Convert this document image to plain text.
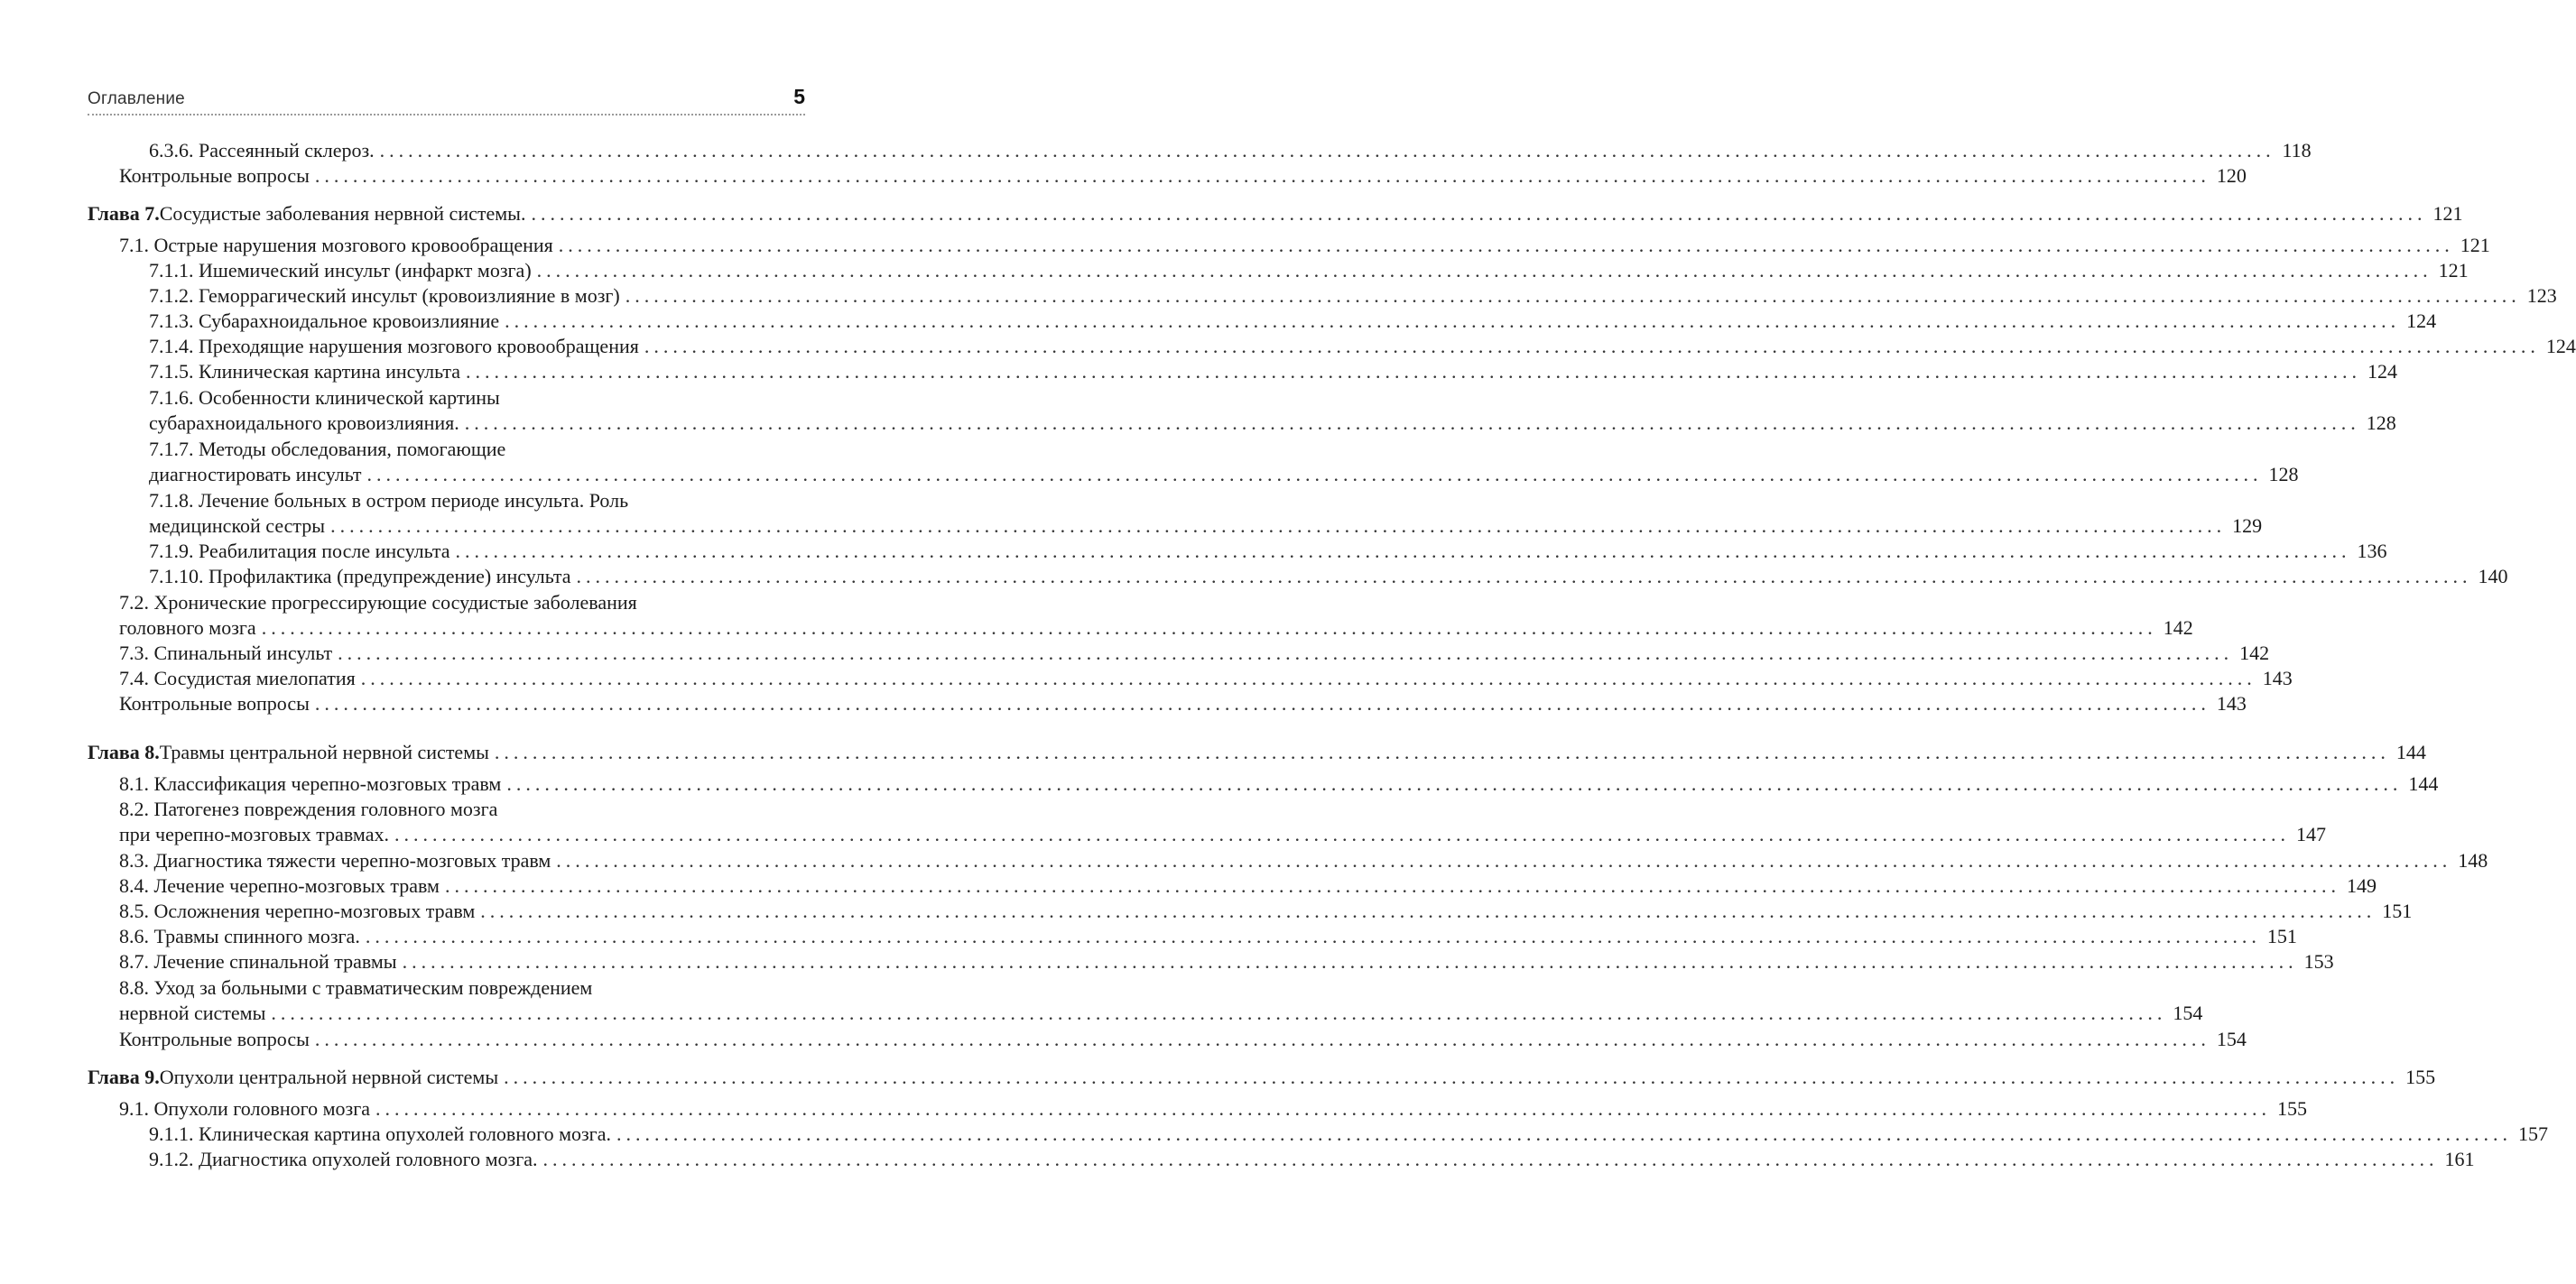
Оглавление	5
6.3.6. Рассеянный склероз. ........................................................................................................................................................................................................ 118
Контрольные вопросы ........................................................................................................................................................................................................ 120
Глава 7. Сосудистые заболевания нервной системы. ........................................................................................................................................................................................................ 121
7.1. Острые нарушения мозгового кровообращения ........................................................................................................................................................................................................ 121
7.1.1. Ишемический инсульт (инфаркт мозга) ........................................................................................................................................................................................................ 121
7.1.2. Геморрагический инсульт (кровоизлияние в мозг) ........................................................................................................................................................................................................ 123
7.1.3. Субарахноидальное кровоизлияние ........................................................................................................................................................................................................ 124
7.1.4. Преходящие нарушения мозгового кровообращения ........................................................................................................................................................................................................ 124
7.1.5. Клиническая картина инсульта ........................................................................................................................................................................................................ 124
7.1.6. Особенности клинической картины
субарахноидального кровоизлияния. ........................................................................................................................................................................................................ 128
7.1.7. Методы обследования, помогающие
диагностировать инсульт ........................................................................................................................................................................................................ 128
7.1.8. Лечение больных в остром периоде инсульта. Роль
медицинской сестры ........................................................................................................................................................................................................ 129
7.1.9. Реабилитация после инсульта ........................................................................................................................................................................................................ 136
7.1.10. Профилактика (предупреждение) инсульта ........................................................................................................................................................................................................ 140
7.2. Хронические прогрессирующие сосудистые заболевания
головного мозга ........................................................................................................................................................................................................ 142
7.3. Спинальный инсульт ........................................................................................................................................................................................................ 142
7.4. Сосудистая миелопатия ........................................................................................................................................................................................................ 143
Контрольные вопросы ........................................................................................................................................................................................................ 143
Глава 8. Травмы центральной нервной системы ........................................................................................................................................................................................................ 144
8.1. Классификация черепно-мозговых травм ........................................................................................................................................................................................................ 144
8.2. Патогенез повреждения головного мозга
при черепно-мозговых травмах. ........................................................................................................................................................................................................ 147
8.3. Диагностика тяжести черепно-мозговых травм ........................................................................................................................................................................................................ 148
8.4. Лечение черепно-мозговых травм ........................................................................................................................................................................................................ 149
8.5. Осложнения черепно-мозговых травм ........................................................................................................................................................................................................ 151
8.6. Травмы спинного мозга. ........................................................................................................................................................................................................ 151
8.7. Лечение спинальной травмы ........................................................................................................................................................................................................ 153
8.8. Уход за больными с травматическим повреждением
нервной системы ........................................................................................................................................................................................................ 154
Контрольные вопросы ........................................................................................................................................................................................................ 154
Глава 9. Опухоли центральной нервной системы ........................................................................................................................................................................................................ 155
9.1. Опухоли головного мозга ........................................................................................................................................................................................................ 155
9.1.1. Клиническая картина опухолей головного мозга. ........................................................................................................................................................................................................ 157
9.1.2. Диагностика опухолей головного мозга. ........................................................................................................................................................................................................ 161
